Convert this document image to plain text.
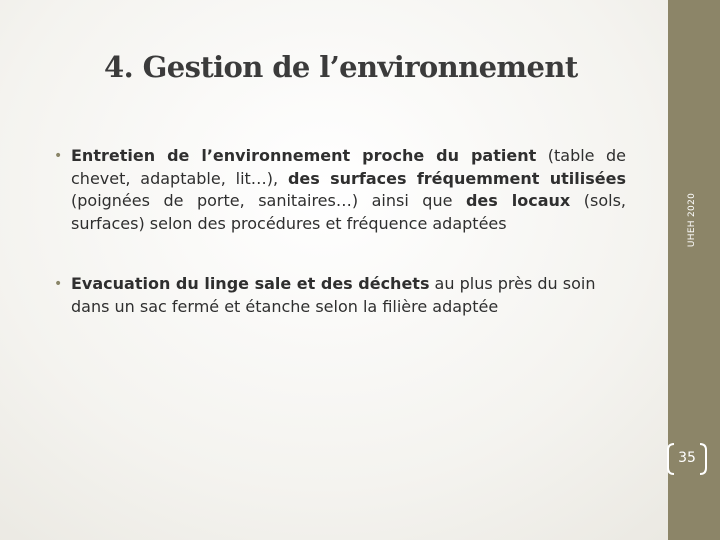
4. Gestion de l’environnement
• Entretien de l’environnement proche du patient (table de chevet, adaptable, lit…), des surfaces fréquemment utilisées (poignées de porte, sanitaires…) ainsi que des locaux (sols, surfaces) selon des procédures et fréquence adaptées
• Evacuation du linge sale et des déchets au plus près du soin dans un sac fermé et étanche selon la filière adaptée
UHEH 2020
35
